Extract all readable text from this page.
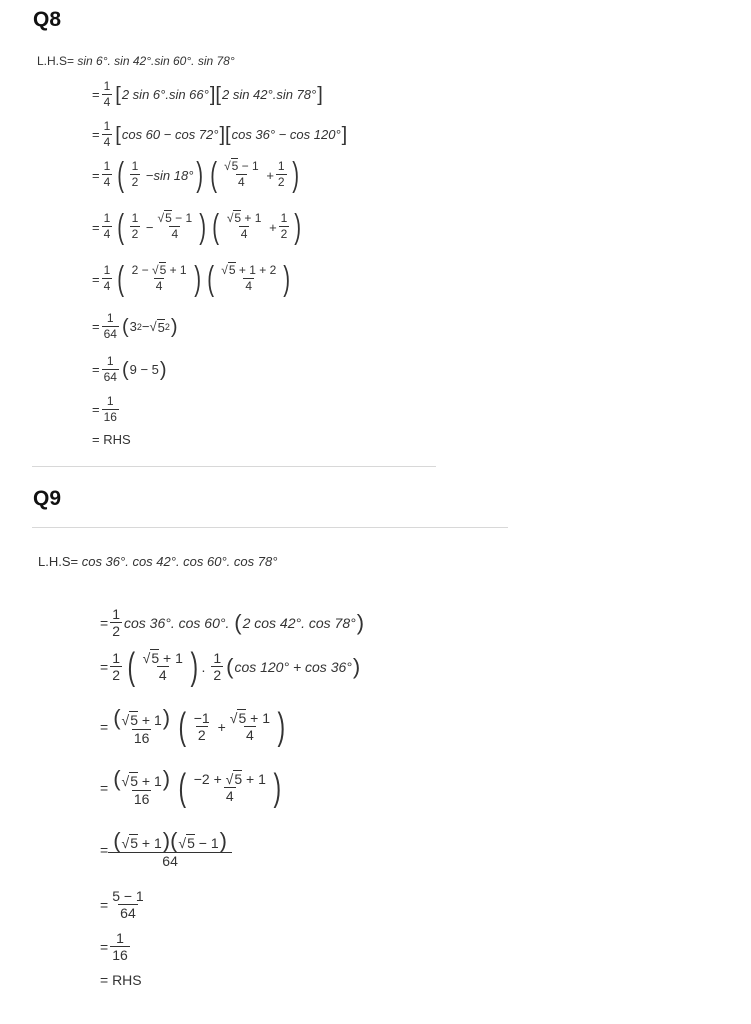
Q8
L.H.S= sin 6°. sin 42°.sin 60°. sin 78°
= $\frac{1}{4}$ [ 2 sin 6°.sin 66° ][ 2 sin 42°.sin 78° ]
= $\frac{1}{4}$ [ cos 60 − cos 72° ][ cos 36° − cos 120° ]
= $\frac{1}{4}$ ( $\frac{1}{2} - \sin 18^\circ$ ) ( $\frac{√5 - 1}{4} + \frac{1}{2}$ )
= $\frac{1}{4}$ ( $\frac{1}{2} - \frac{√5 - 1}{4}$ ) ( $\frac{√5 + 1}{4} + \frac{1}{2}$ )
= $\frac{1}{4}$ ( $\frac{2 - √5 + 1}{4}$ ) ( $\frac{√5 + 1 + 2}{4}$ )
= $\frac{1}{64}$ ( 3 2 − √ 5 2 )
= $\frac{1}{64}$ ( 9 − 5 )
= $\frac{1}{16}$
= RHS
Q9
L.H.S= cos 36°. cos 42°. cos 60°. cos 78°
= $\frac{1}{2}$ cos 36°. cos 60°.
( 2 cos 42°. cos 78° )
= $\frac{1}{2}$ ( $\frac{√5 + 1}{4}$ ) . $\frac{1}{2}$ ( cos 120° + cos 36° )
= $\frac{(√5 + 1)}{16}$ ( $\frac{-1}{2} + \frac{√5 + 1}{4}$ )
= $\frac{(√5 + 1)}{16}$ ( $\frac{-2 + √5 + 1}{4}$ )
= $\frac{(√5 + 1)(√5 - 1)}{64}$
= $\frac{5 - 1}{64}$
= $\frac{1}{16}$
= RHS
